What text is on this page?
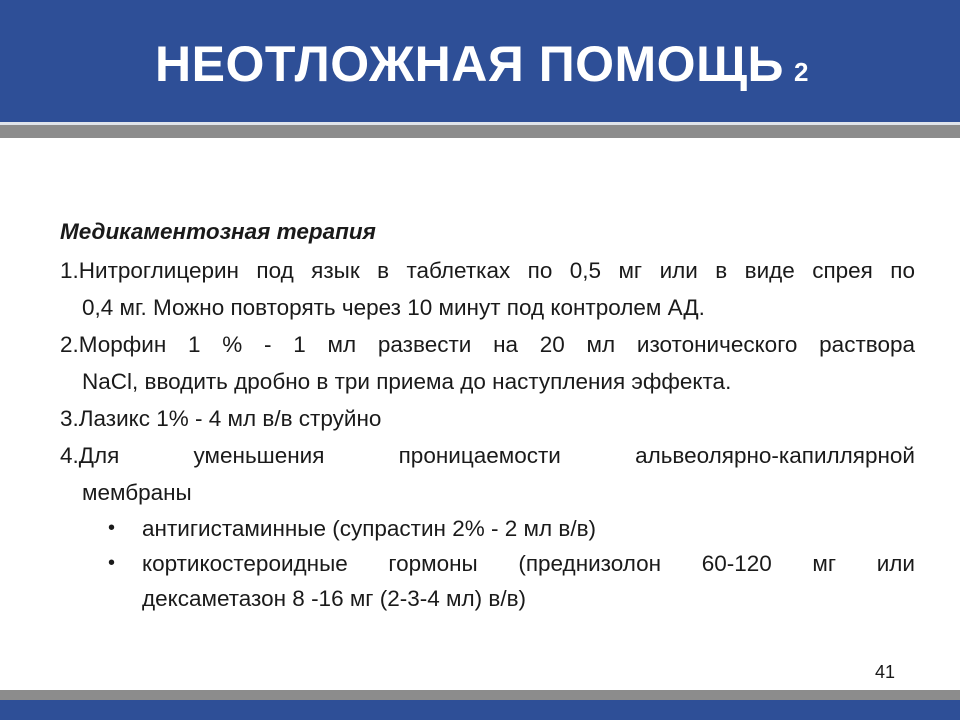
НЕОТЛОЖНАЯ ПОМОЩЬ 2
Медикаментозная терапия
1.Нитроглицерин под язык в таблетках по 0,5 мг или в виде спрея по
0,4 мг. Можно повторять через 10 минут под контролем АД.
2.Морфин 1 % - 1 мл развести на 20 мл изотонического раствора
NaCl, вводить дробно в три приема до наступления эффекта.
3.Лазикс 1% - 4 мл в/в струйно
4.Для уменьшения проницаемости альвеолярно-капиллярной
мембраны
• антигистаминные (супрастин 2% - 2 мл в/в)
• кортикостероидные гормоны (преднизолон 60-120 мг или
дексаметазон 8 -16 мг (2-3-4 мл) в/в)
41
